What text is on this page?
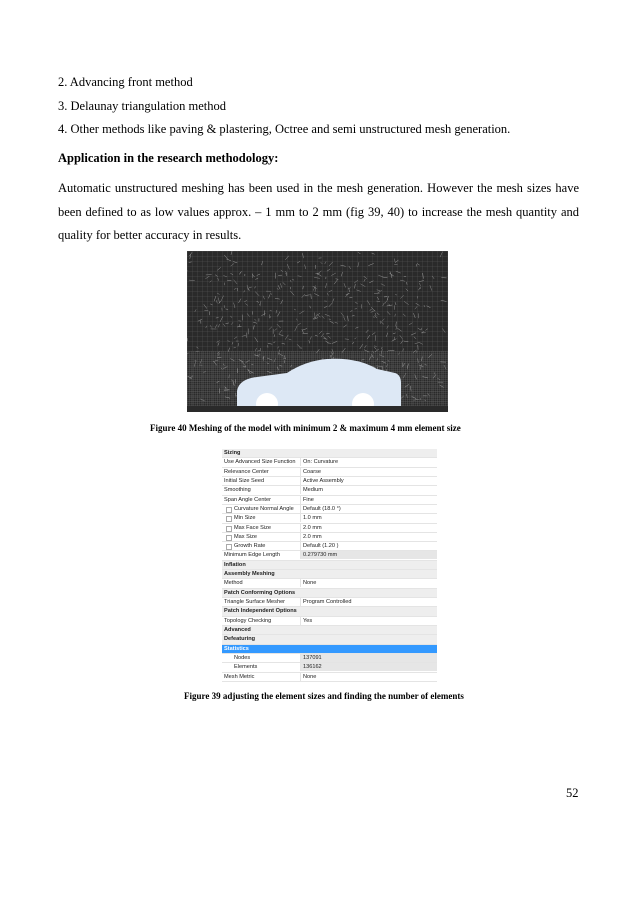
2. Advancing front method
3. Delaunay triangulation method
4. Other methods like paving & plastering, Octree and semi unstructured mesh generation.
Application in the research methodology:
Automatic unstructured meshing has been used in the mesh generation. However the mesh sizes have been defined to as low values approx. – 1 mm to 2 mm (fig 39, 40) to increase the mesh quantity and quality for better accuracy in results.
Figure 40 Meshing of the model with minimum 2 & maximum 4 mm element size
Sizing
Use Advanced Size Function	On: Curvature
Relevance Center	Coarse
Initial Size Seed	Active Assembly
Smoothing	Medium
Span Angle Center	Fine
Curvature Normal Angle	Default (18.0 °)
Min Size	1.0 mm
Max Face Size	2.0 mm
Max Size	2.0 mm
Growth Rate	Default (1.20 )
Minimum Edge Length	0.279730 mm
Inflation
Assembly Meshing
Method	None
Patch Conforming Options
Triangle Surface Mesher	Program Controlled
Patch Independent Options
Topology Checking	Yes
Advanced
Defeaturing
Statistics
Nodes	137091
Elements	136162
Mesh Metric	None
Figure 39 adjusting the element sizes and finding the number of elements
52
